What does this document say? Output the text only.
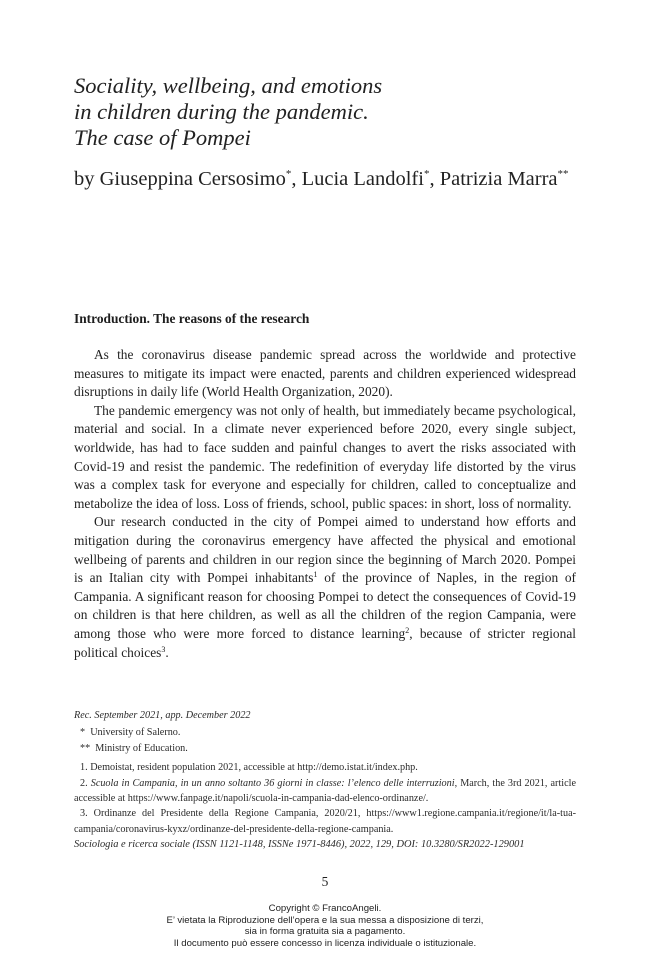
Sociality, wellbeing, and emotions
in children during the pandemic.
The case of Pompei
by Giuseppina Cersosimo*, Lucia Landolfi*, Patrizia Marra**
Introduction. The reasons of the research

As the coronavirus disease pandemic spread across the worldwide and protective measures to mitigate its impact were enacted, parents and children experienced widespread disruptions in daily life (World Health Organization, 2020).

The pandemic emergency was not only of health, but immediately became psychological, material and social. In a climate never experienced before 2020, every single subject, worldwide, has had to face sudden and painful changes to avert the risks associated with Covid-19 and resist the pandemic. The redefinition of everyday life distorted by the virus was a complex task for everyone and especially for children, called to conceptualize and metabolize the idea of loss. Loss of friends, school, public spaces: in short, loss of normality.

Our research conducted in the city of Pompei aimed to understand how efforts and mitigation during the coronavirus emergency have affected the physical and emotional wellbeing of parents and children in our region since the beginning of March 2020. Pompei is an Italian city with Pompei inhabitants$^1$ of the province of Naples, in the region of Campania. A significant reason for choosing Pompei to detect the consequences of Covid-19 on children is that here children, as well as all the children of the region Campania, were among those who were more forced to distance learning$^2$, because of stricter regional political choices$^3$.

Rec. September 2021, app. December 2022
* University of Salerno.
** Ministry of Education.
1. Demoistat, resident population 2021, accessible at http://demo.istat.it/index.php.
2. Scuola in Campania, in un anno soltanto 36 giorni in classe: l’elenco delle interruzioni, March, the 3rd 2021, article accessible at https://www.fanpage.it/napoli/scuola-in-campania-dad-elenco-ordinanze/.
3. Ordinanze del Presidente della Regione Campania, 2020/21, https://www1.regione.campania.it/regione/it/la-tua-campania/coronavirus-kyxz/ordinanze-del-presidente-della-regione-campania.
Sociologia e ricerca sociale (ISSN 1121-1148, ISSNe 1971-8446), 2022, 129, DOI: 10.3280/SR2022-129001
5
Copyright © FrancoAngeli.
E’ vietata la Riproduzione dell’opera e la sua messa a disposizione di terzi,
sia in forma gratuita sia a pagamento.
Il documento può essere concesso in licenza individuale o istituzionale.
